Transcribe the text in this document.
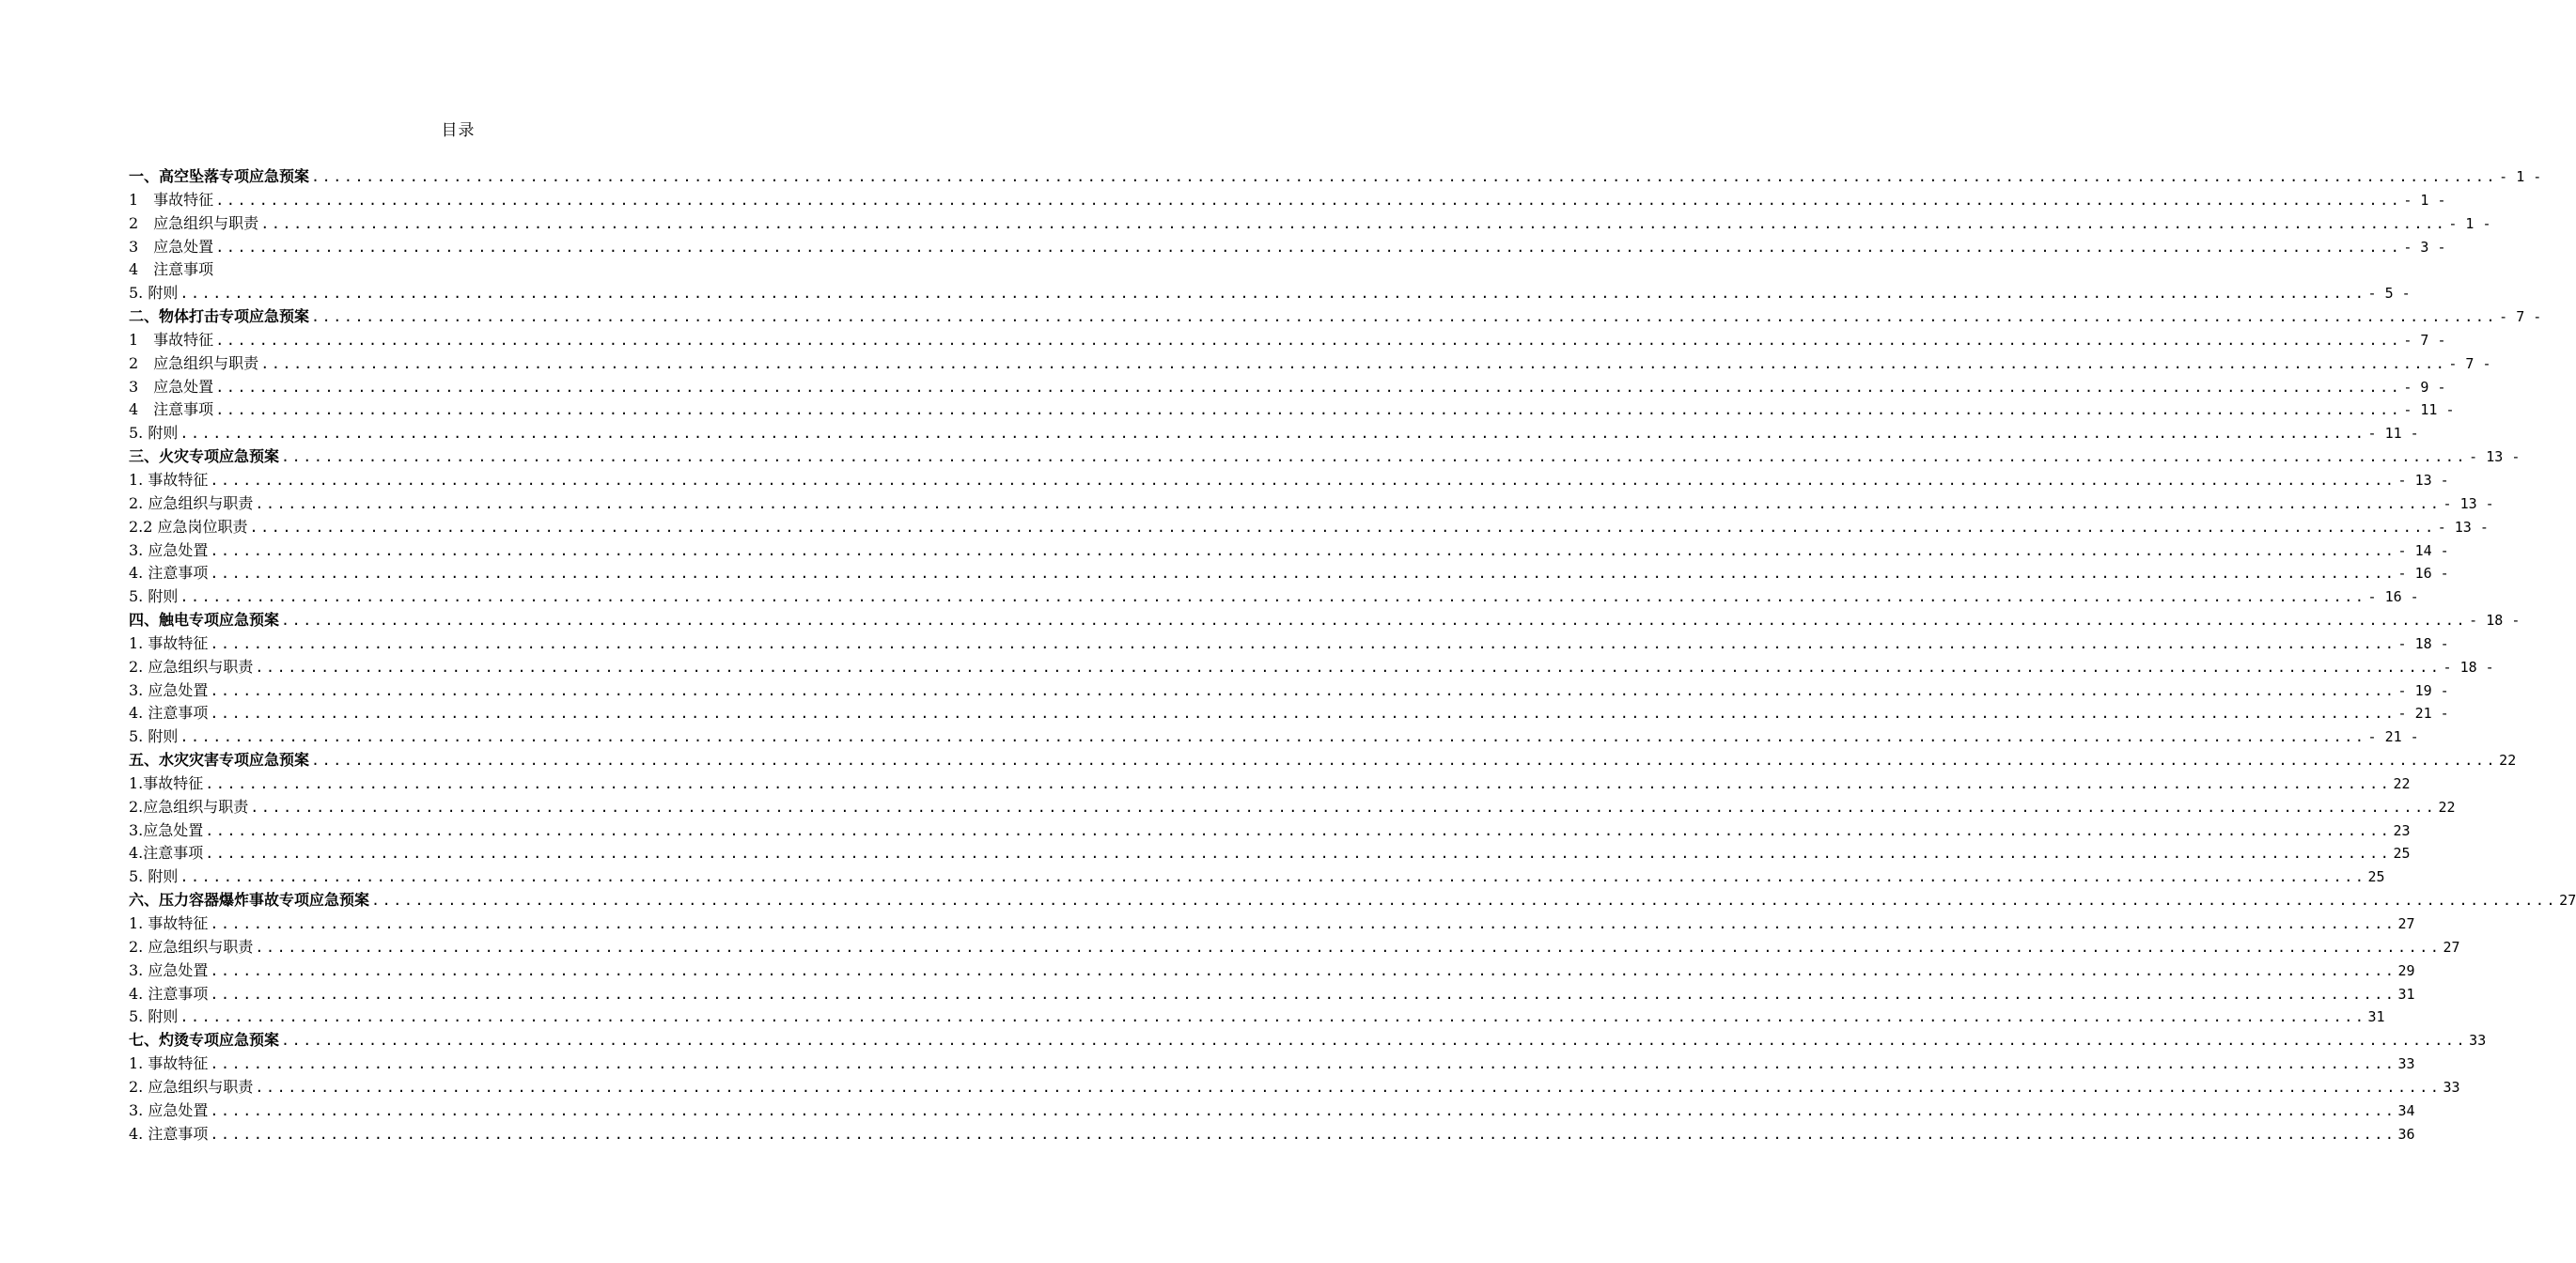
目录
一、高空坠落专项应急预案 ........................................................................................................................................................................................................ - 1 -
1　事故特征 ........................................................................................................................................................................................................ - 1 -
2　应急组织与职责 ........................................................................................................................................................................................................ - 1 -
3　应急处置 ........................................................................................................................................................................................................ - 3 -
4　注意事项
5. 附则 ........................................................................................................................................................................................................ - 5 -
二、物体打击专项应急预案 ........................................................................................................................................................................................................ - 7 -
1　事故特征 ........................................................................................................................................................................................................ - 7 -
2　应急组织与职责 ........................................................................................................................................................................................................ - 7 -
3　应急处置 ........................................................................................................................................................................................................ - 9 -
4　注意事项 ........................................................................................................................................................................................................ - 11 -
5. 附则 ........................................................................................................................................................................................................ - 11 -
三、火灾专项应急预案 ........................................................................................................................................................................................................ - 13 -
1. 事故特征 ........................................................................................................................................................................................................ - 13 -
2. 应急组织与职责 ........................................................................................................................................................................................................ - 13 -
2.2 应急岗位职责 ........................................................................................................................................................................................................ - 13 -
3. 应急处置 ........................................................................................................................................................................................................ - 14 -
4. 注意事项 ........................................................................................................................................................................................................ - 16 -
5. 附则 ........................................................................................................................................................................................................ - 16 -
四、触电专项应急预案 ........................................................................................................................................................................................................ - 18 -
1. 事故特征 ........................................................................................................................................................................................................ - 18 -
2. 应急组织与职责 ........................................................................................................................................................................................................ - 18 -
3. 应急处置 ........................................................................................................................................................................................................ - 19 -
4. 注意事项 ........................................................................................................................................................................................................ - 21 -
5. 附则 ........................................................................................................................................................................................................ - 21 -
五、水灾灾害专项应急预案 ........................................................................................................................................................................................................ 22
1.事故特征 ........................................................................................................................................................................................................ 22
2.应急组织与职责 ........................................................................................................................................................................................................ 22
3.应急处置 ........................................................................................................................................................................................................ 23
4.注意事项 ........................................................................................................................................................................................................ 25
5. 附则 ........................................................................................................................................................................................................ 25
六、压力容器爆炸事故专项应急预案 ........................................................................................................................................................................................................ 27
1. 事故特征 ........................................................................................................................................................................................................ 27
2. 应急组织与职责 ........................................................................................................................................................................................................ 27
3. 应急处置 ........................................................................................................................................................................................................ 29
4. 注意事项 ........................................................................................................................................................................................................ 31
5. 附则 ........................................................................................................................................................................................................ 31
七、灼烫专项应急预案 ........................................................................................................................................................................................................ 33
1. 事故特征 ........................................................................................................................................................................................................ 33
2. 应急组织与职责 ........................................................................................................................................................................................................ 33
3. 应急处置 ........................................................................................................................................................................................................ 34
4. 注意事项 ........................................................................................................................................................................................................ 36
